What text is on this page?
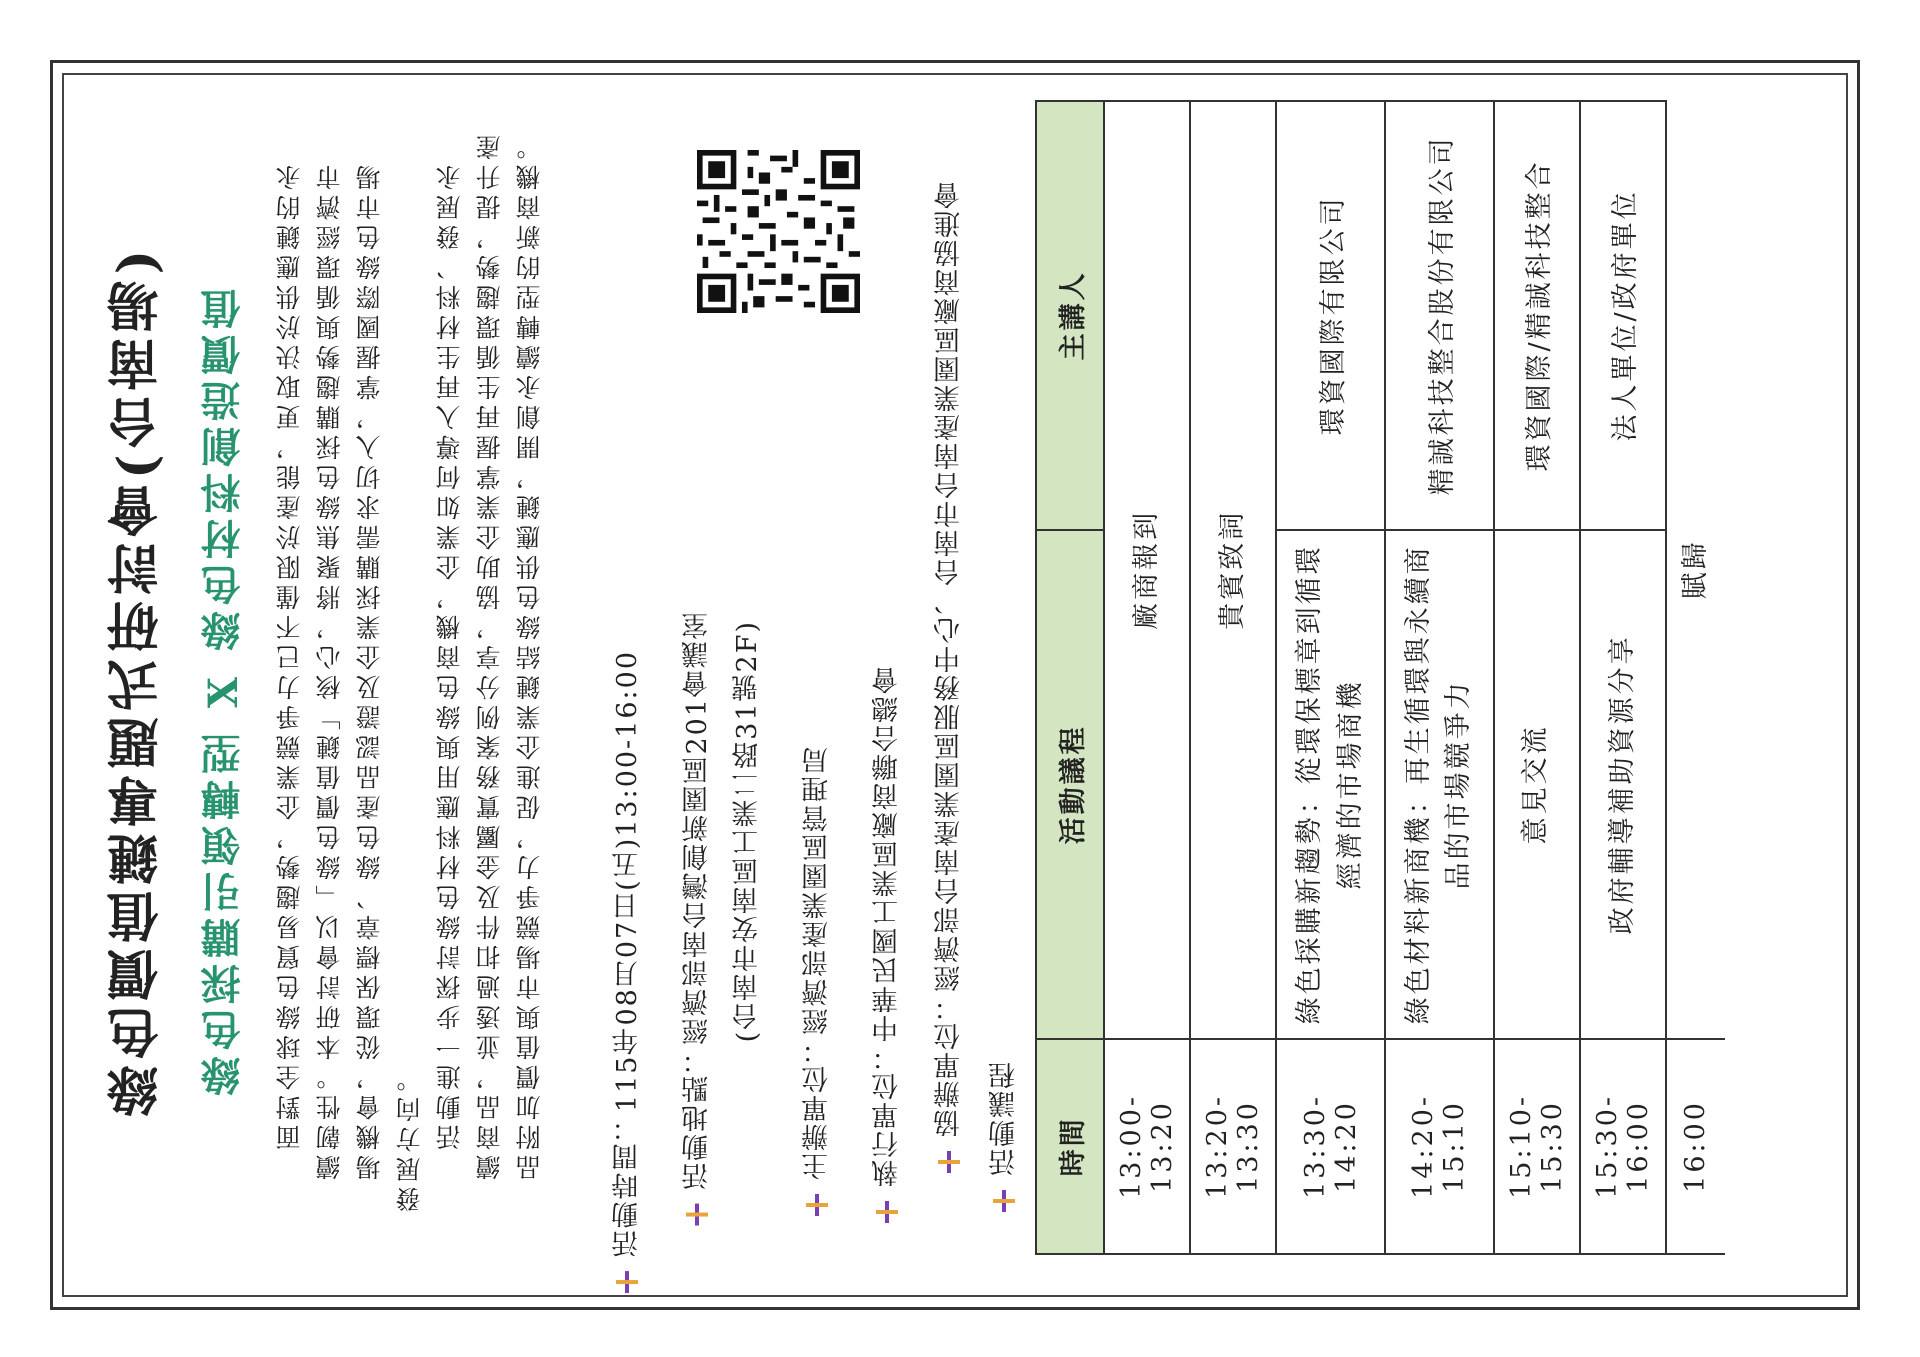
綠色價值鏈專題式研討會(台南場) 綠色採購引領轉型 X 綠色材料創造價值 　面對全球綠色貿易趨勢，企業競爭力已不僅限於產能，更取決於供應鏈的永 續韌性。本研討會以「綠色價值鏈」核心，將聚焦綠色採購趨勢與循環經濟市 場機會，從環保標章、綠色產品認證及企業採購需求切入，掌握國際綠色市場 發展方向。 　活動進一步探討綠色材料應用與綠色商機，企業如何導入再生材料、發展永 續商品，並透過扣件及金屬實務案例分享，協助企業掌握再生循環趨勢，提升產 品附加價值與市場競爭力，促進企業鏈結綠色供應鏈，開創永續轉型的新商機。	活動時間：115年08月07日(五)13:00-16:00 活動地點：經濟部南台灣創新園區201會議室 (台南市安南區工業二路31號2F) 主辦單位：經濟部產業園區管理局 執行單位：中華民國工業區廠商聯合總會 協辦單位：經濟部台南產業園區服務中心、台南市台南產業園區廠商協進會 活動議程 時間	活動議程	主講人
13:00-13:20	廠商報到	
13:20-13:30	貴賓致詞	
13:30-14:20	綠色採購新趨勢：從環保標章到循環經濟的市場商機	環資國際有限公司
14:20-15:10	綠色材料新商機：再生循環與永續商品的市場競爭力	精誠科技整合股份有限公司
15:10-15:30	意見交流	環資國際/精誠科技整合
15:30-16:00	政府輔導補助資源分享	法人單位/政府單位
16:00	賦歸	
